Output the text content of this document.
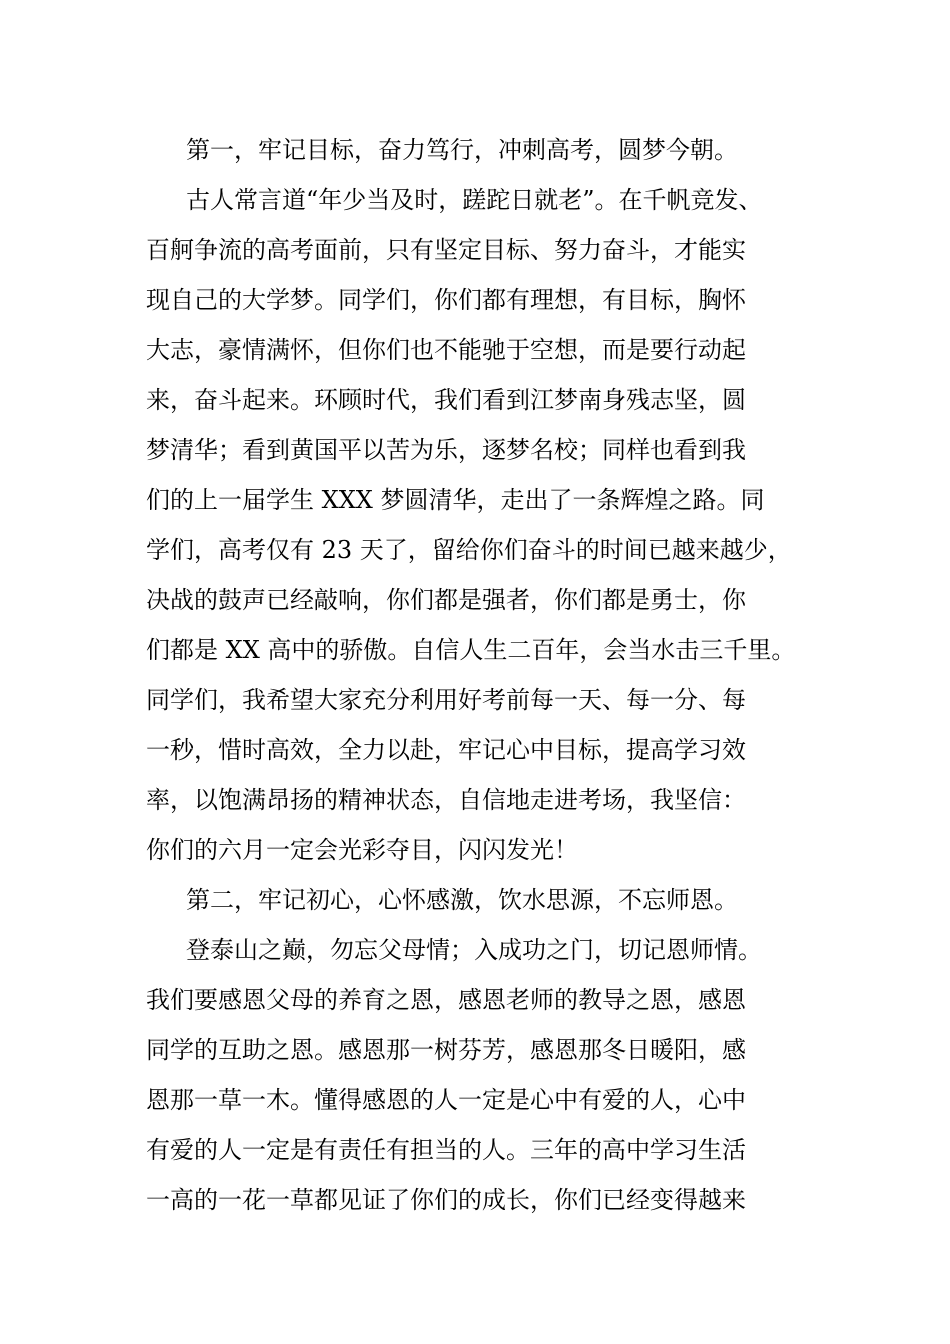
第一，牢记目标，奋力笃行，冲刺高考，圆梦今朝。
古人常言道“年少当及时，蹉跎日就老”。在千帆竞发、
百舸争流的高考面前，只有坚定目标、努力奋斗，才能实
现自己的大学梦。同学们，你们都有理想，有目标，胸怀
大志，豪情满怀，但你们也不能驰于空想，而是要行动起
来，奋斗起来。环顾时代，我们看到江梦南身残志坚，圆
梦清华；看到黄国平以苦为乐，逐梦名校；同样也看到我
们的上一届学生 XXX 梦圆清华，走出了一条辉煌之路。同
学们，高考仅有 23 天了，留给你们奋斗的时间已越来越少，
决战的鼓声已经敲响，你们都是强者，你们都是勇士，你
们都是 XX 高中的骄傲。自信人生二百年，会当水击三千里。
同学们，我希望大家充分利用好考前每一天、每一分、每
一秒，惜时高效，全力以赴，牢记心中目标，提高学习效
率，以饱满昂扬的精神状态，自信地走进考场，我坚信：
你们的六月一定会光彩夺目，闪闪发光！
第二，牢记初心，心怀感激，饮水思源，不忘师恩。
登泰山之巅，勿忘父母情；入成功之门，切记恩师情。
我们要感恩父母的养育之恩，感恩老师的教导之恩，感恩
同学的互助之恩。感恩那一树芬芳，感恩那冬日暖阳，感
恩那一草一木。懂得感恩的人一定是心中有爱的人，心中
有爱的人一定是有责任有担当的人。三年的高中学习生活
一高的一花一草都见证了你们的成长，你们已经变得越来
